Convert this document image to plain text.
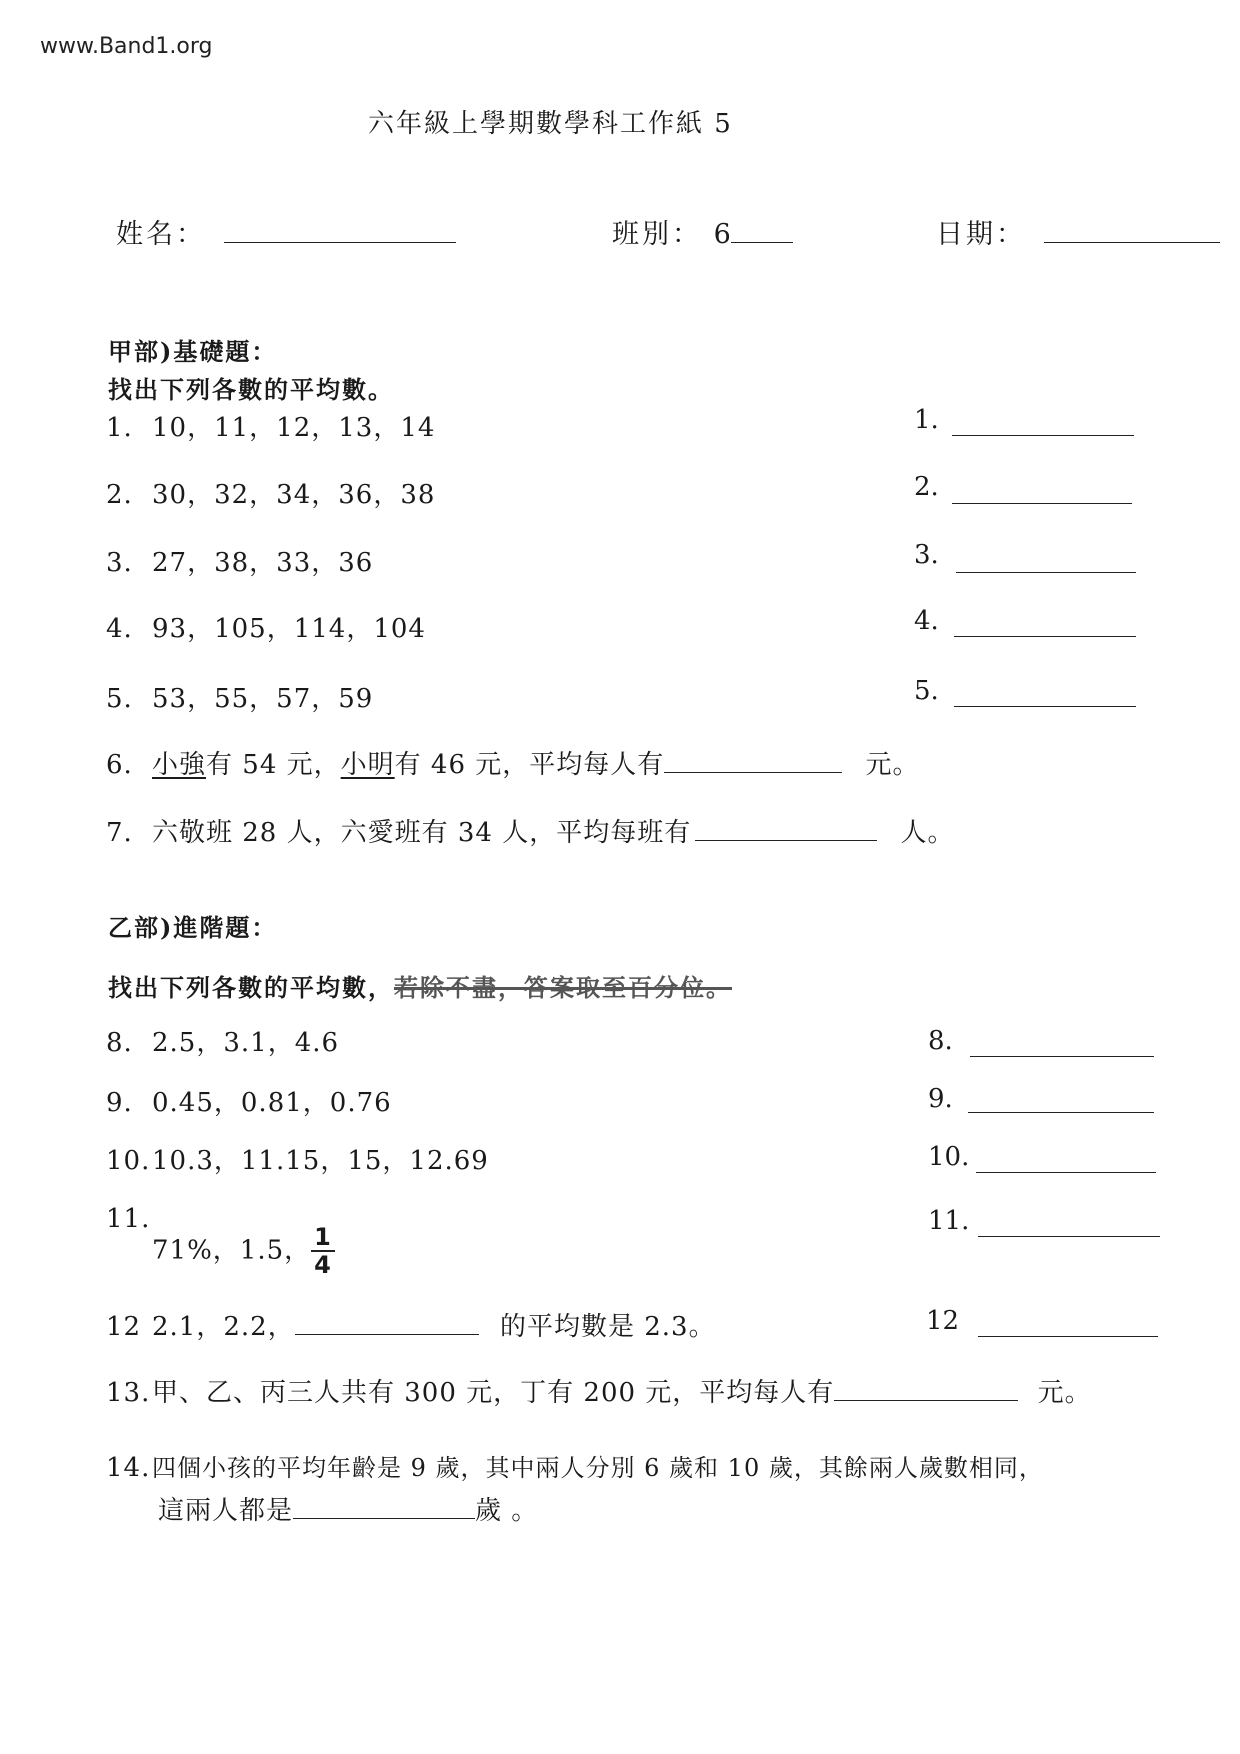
www.Band1.org
六年級上學期數學科工作紙 5
姓名：	班別： 6	日期：
甲部)基礎題：
找出下列各數的平均數。
1. 10，11，12，13，14	1.
2. 30，32，34，36，38	2.
3. 27，38，33，36	3.
4. 93，105，114，104	4.
5. 53，55，57，59	5.
6. 小強有 54 元，小明有 46 元，平均每人有	元。
7. 六敬班 28 人，六愛班有 34 人，平均每班有	人。
乙部)進階題：
找出下列各數的平均數，若除不盡，答案取至百分位。
8. 2.5，3.1，4.6	8.
9. 0.45，0.81，0.76	9.
10.10.3，11.15，15，12.69	10.
11.
71%，1.5， $\frac{1}{4}$
11.
12 2.1，2.2，	的平均數是 2.3。	12
13.甲、乙、丙三人共有 300 元，丁有 200 元，平均每人有	元。
14.四個小孩的平均年齡是 9 歲，其中兩人分別 6 歲和 10 歲，其餘兩人歲數相同，
這兩人都是	歲 。
